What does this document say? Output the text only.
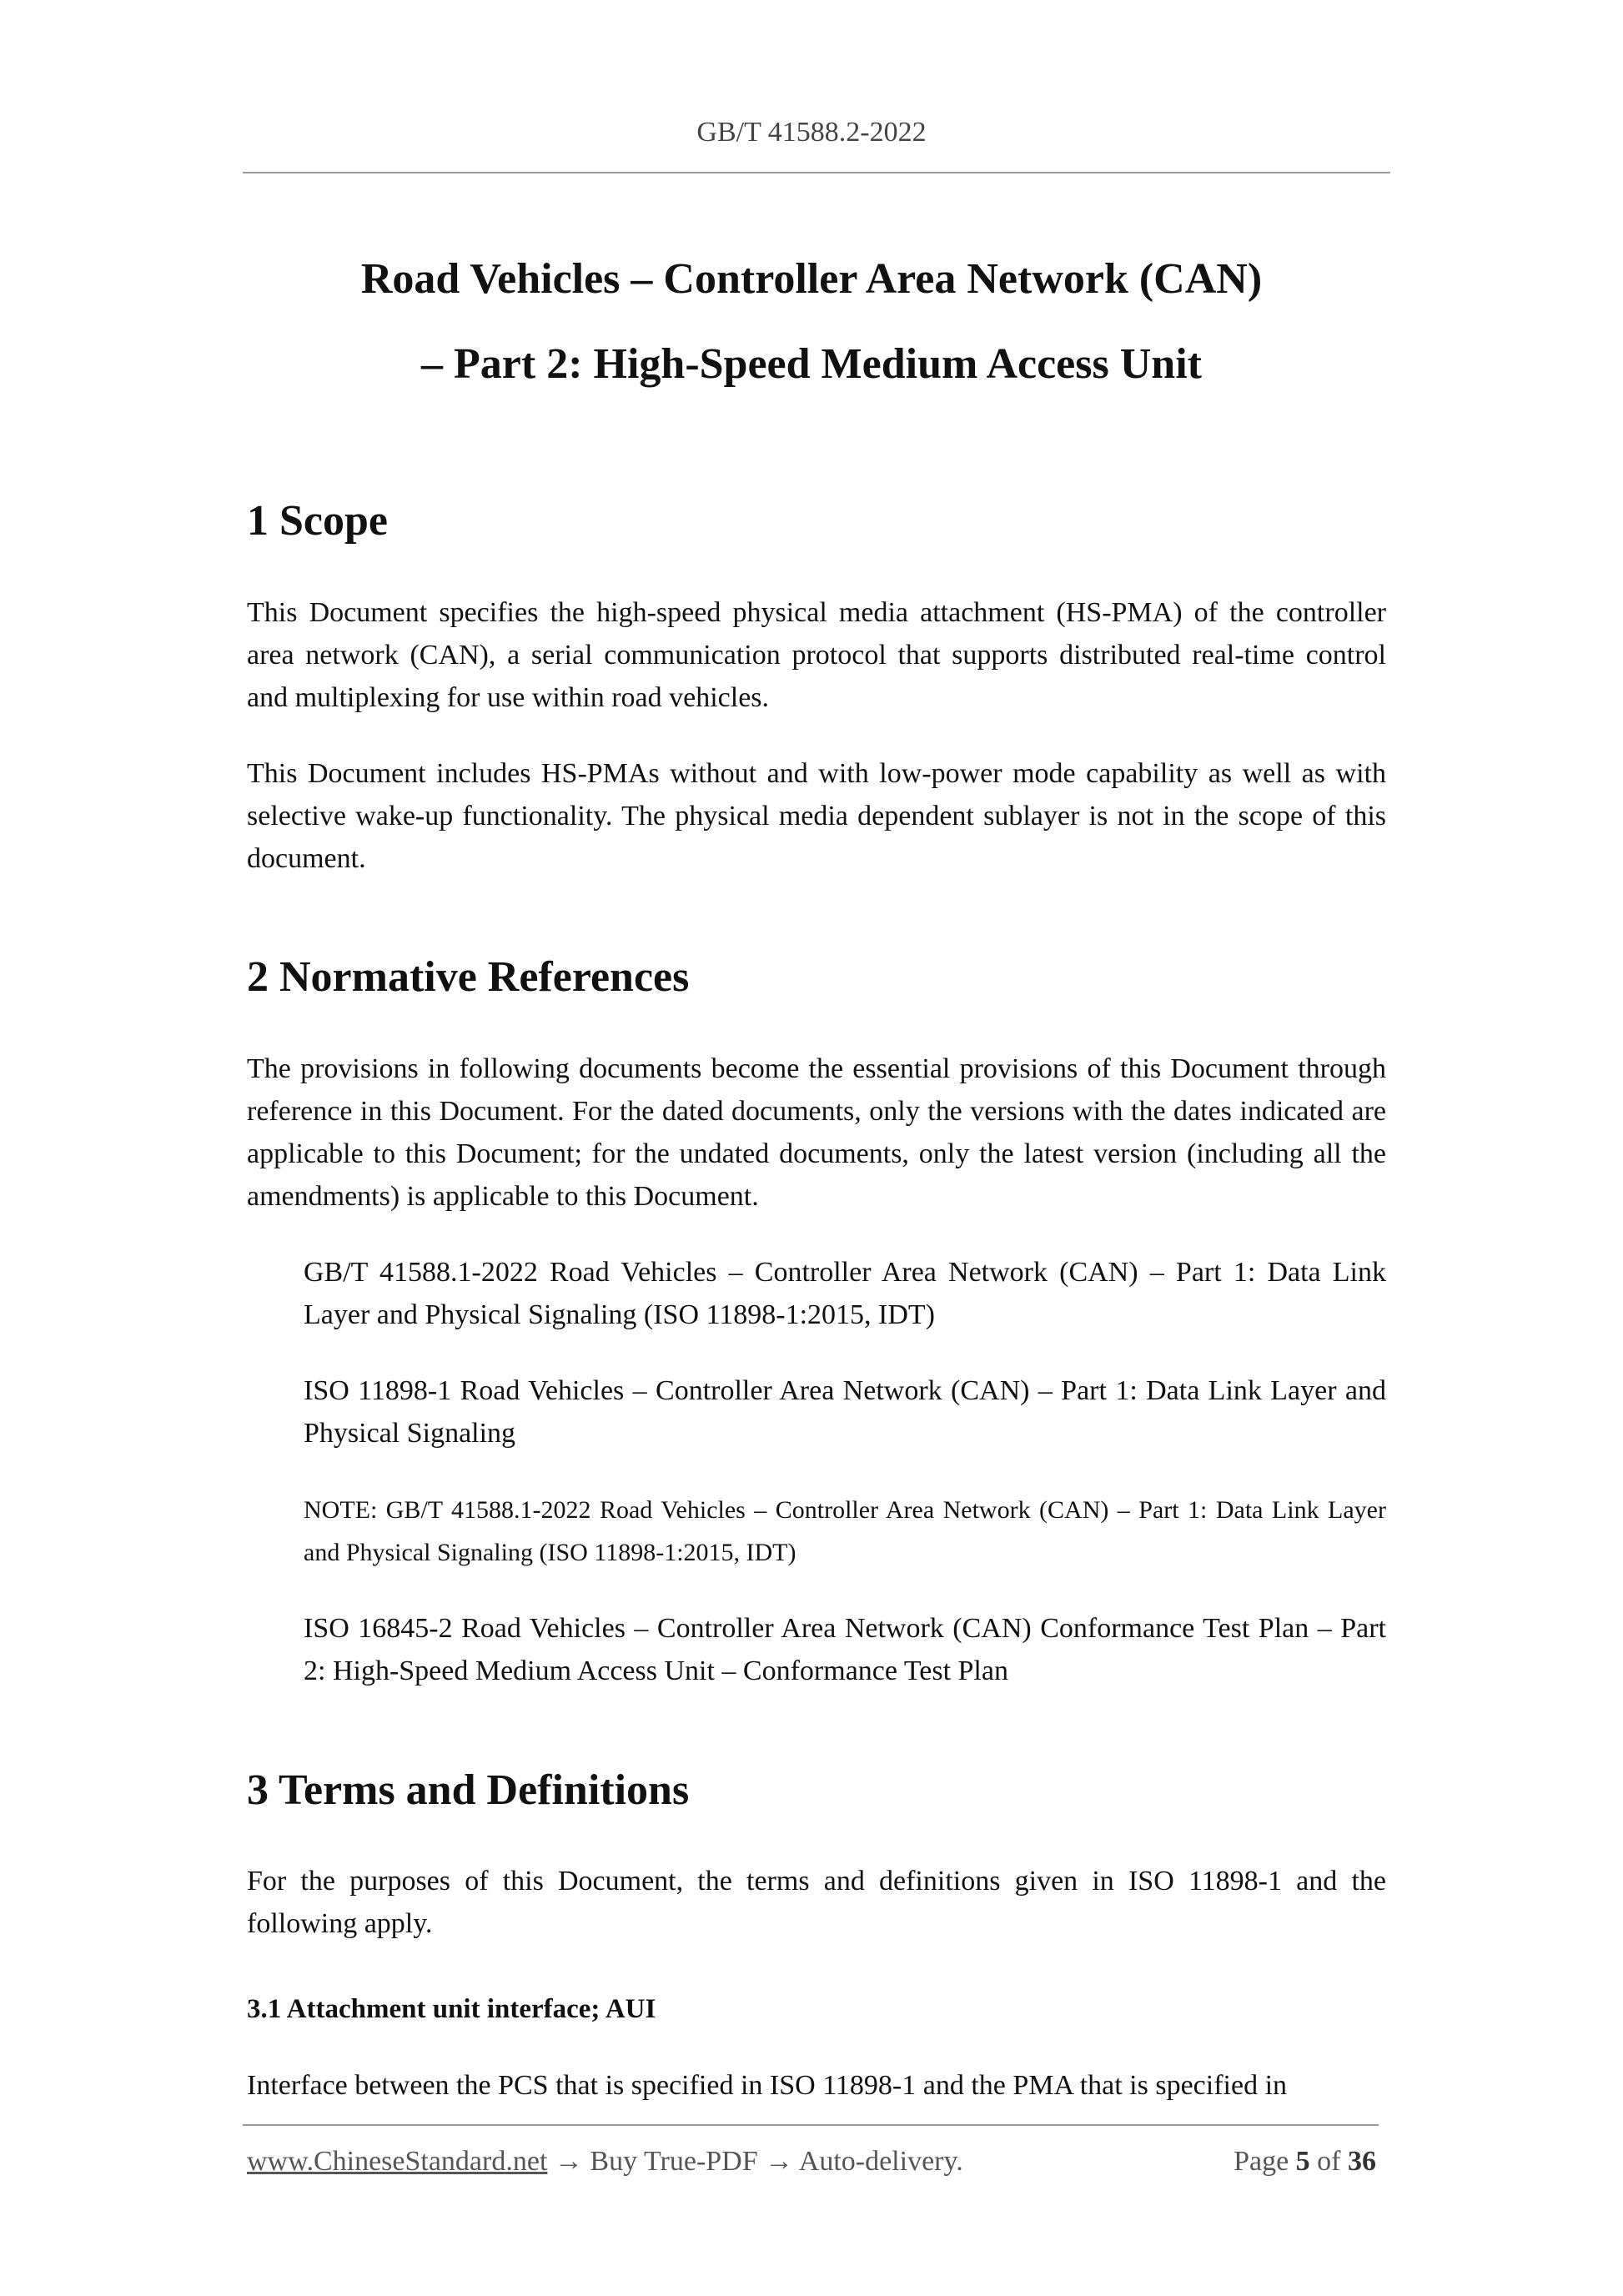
GB/T 41588.2-2022
Road Vehicles – Controller Area Network (CAN)
– Part 2: High-Speed Medium Access Unit
1 Scope

This Document specifies the high-speed physical media attachment (HS-PMA) of the controller area network (CAN), a serial communication protocol that supports distributed real-time control and multiplexing for use within road vehicles.

This Document includes HS-PMAs without and with low-power mode capability as well as with selective wake-up functionality. The physical media dependent sublayer is not in the scope of this document.

2 Normative References

The provisions in following documents become the essential provisions of this Document through reference in this Document. For the dated documents, only the versions with the dates indicated are applicable to this Document; for the undated documents, only the latest version (including all the amendments) is applicable to this Document.

GB/T 41588.1-2022 Road Vehicles – Controller Area Network (CAN) – Part 1: Data Link Layer and Physical Signaling (ISO 11898-1:2015, IDT)

ISO 11898-1 Road Vehicles – Controller Area Network (CAN) – Part 1: Data Link Layer and Physical Signaling

NOTE: GB/T 41588.1-2022 Road Vehicles – Controller Area Network (CAN) – Part 1: Data Link Layer and Physical Signaling (ISO 11898-1:2015, IDT)

ISO 16845-2 Road Vehicles – Controller Area Network (CAN) Conformance Test Plan – Part 2: High-Speed Medium Access Unit – Conformance Test Plan

3 Terms and Definitions

For the purposes of this Document, the terms and definitions given in ISO 11898-1 and the following apply.

3.1 Attachment unit interface; AUI

Interface between the PCS that is specified in ISO 11898-1 and the PMA that is specified in

www.ChineseStandard.net → Buy True-PDF → Auto-delivery.	Page 5 of 36
